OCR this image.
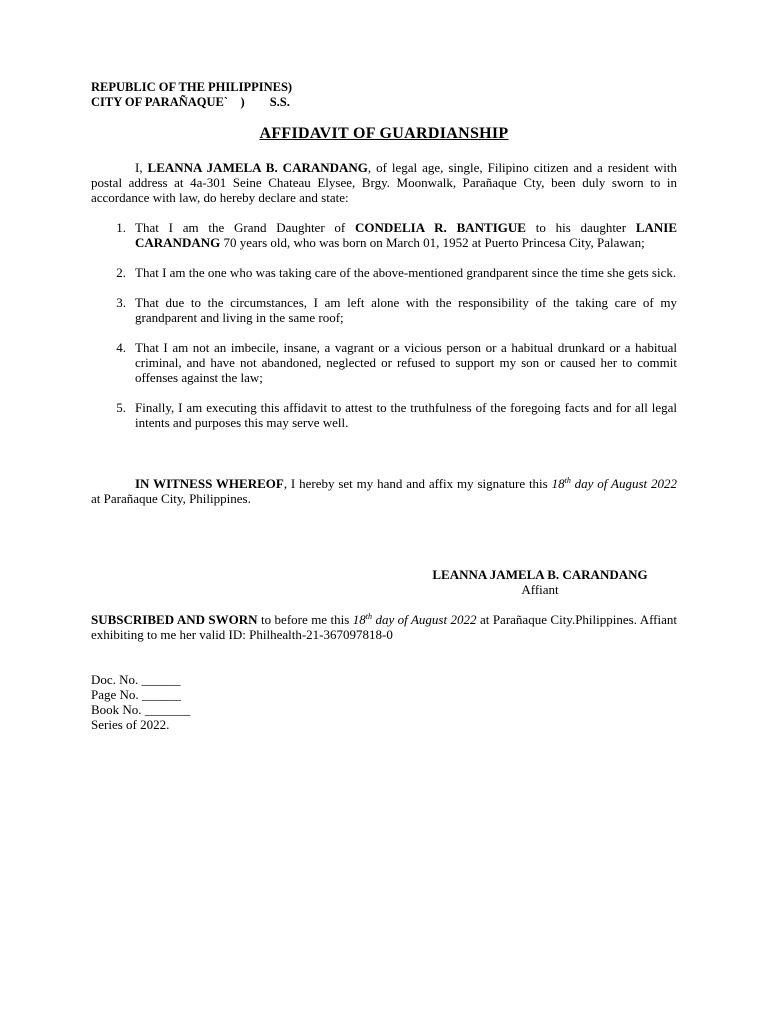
REPUBLIC OF THE PHILIPPINES)
CITY OF PARAÑAQUE`    )        S.S.
AFFIDAVIT OF GUARDIANSHIP
I, LEANNA JAMELA B. CARANDANG, of legal age, single, Filipino citizen and a resident with postal address at 4a-301 Seine Chateau Elysee, Brgy. Moonwalk, Parañaque Cty, been duly sworn to in accordance with law, do hereby declare and state:
1. That I am the Grand Daughter of CONDELIA R. BANTIGUE to his daughter LANIE CARANDANG 70 years old, who was born on March 01, 1952 at Puerto Princesa City, Palawan;
2. That I am the one who was taking care of the above-mentioned grandparent since the time she gets sick.
3. That due to the circumstances, I am left alone with the responsibility of the taking care of my grandparent and living in the same roof;
4. That I am not an imbecile, insane, a vagrant or a vicious person or a habitual drunkard or a habitual criminal, and have not abandoned, neglected or refused to support my son or caused her to commit offenses against the law;
5. Finally, I am executing this affidavit to attest to the truthfulness of the foregoing facts and for all legal intents and purposes this may serve well.
IN WITNESS WHEREOF, I hereby set my hand and affix my signature this 18th day of August 2022 at Parañaque City, Philippines.
LEANNA JAMELA B. CARANDANG
Affiant
SUBSCRIBED AND SWORN to before me this 18th day of August 2022 at Parañaque City.Philippines. Affiant exhibiting to me her valid ID: Philhealth-21-367097818-0
Doc. No. ______
Page No. ______
Book No. _______
Series of 2022.
